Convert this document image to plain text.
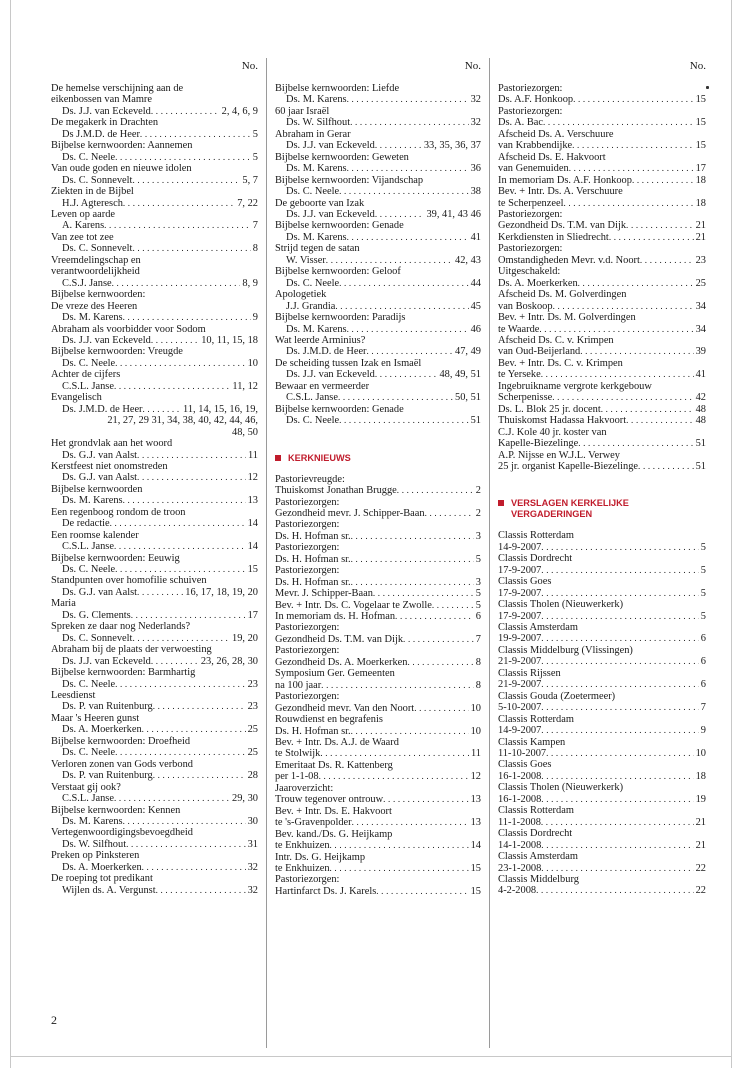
No.
De hemelse verschijning aan de
eikenbossen van Mamre
Ds. J.J. van Eckeveld . . .	2, 4, 6, 9
De megakerk in Drachten
Ds J.M.D. de Heer . . .	5
Bijbelse kernwoorden: Aannemen
Ds. C. Neele . . .	5
Van oude goden en nieuwe idolen
Ds. C. Sonnevelt . . .	5, 7
Ziekten in de Bijbel
H.J. Agteresch . . .	7, 22
Leven op aarde
A. Karens . . .	7
Van zee tot zee
Ds. C. Sonnevelt . . .	8
Vreemdelingschap en
verantwoordelijkheid
C.S.J. Janse . . .	8, 9
Bijbelse kernwoorden:
De vreze des Heeren
Ds. M. Karens . . .	9
Abraham als voorbidder voor Sodom
Ds. J.J. van Eckeveld . . .	10, 11, 15, 18
Bijbelse kernwoorden: Vreugde
Ds. C. Neele . . .	10
Achter de cijfers
C.S.L. Janse . . .	11, 12
Evangelisch
Ds. J.M.D. de Heer . . .	11, 14, 15, 16, 19,
21, 27, 29 31, 34, 38, 40, 42, 44, 46,
48, 50
Het grondvlak aan het woord
Ds. G.J. van Aalst . . .	11
Kerstfeest niet onomstreden
Ds. G.J. van Aalst . . .	12
Bijbelse kernwoorden
Ds. M. Karens . . .	13
Een regenboog rondom de troon
De redactie . . .	14
Een roomse kalender
C.S.L. Janse . . .	14
Bijbelse kernwoorden: Eeuwig
Ds. C. Neele . . .	15
Standpunten over homofilie schuiven
Ds. G.J. van Aalst . . .	16, 17, 18, 19, 20
Maria
Ds. G. Clements . . .	17
Spreken ze daar nog Nederlands?
Ds. C. Sonnevelt . . .	19, 20
Abraham bij de plaats der verwoesting
Ds. J.J. van Eckeveld . . .	23, 26, 28, 30
Bijbelse kernwoorden: Barmhartig
Ds. C. Neele . . .	23
Leesdienst
Ds. P. van Ruitenburg . . .	23
Maar 's Heeren gunst
Ds. A. Moerkerken . . .	25
Bijbelse kernwoorden: Droefheid
Ds. C. Neele . . .	25
Verloren zonen van Gods verbond
Ds. P. van Ruitenburg . . .	28
Verstaat gij ook?
C.S.L. Janse . . .	29, 30
Bijbelse kernwoorden: Kennen
Ds. M. Karens . . .	30
Vertegenwoordigingsbevoegdheid
Ds. W. Silfhout . . .	31
Preken op Pinksteren
Ds. A. Moerkerken . . .	32
De roeping tot predikant
Wijlen ds. A. Vergunst . . .	32
No.
Bijbelse kernwoorden: Liefde
Ds. M. Karens . . .	32
60 jaar Israël
Ds. W. Silfhout . . .	32
Abraham in Gerar
Ds. J.J. van Eckeveld . . .	33, 35, 36, 37
Bijbelse kernwoorden: Geweten
Ds. M. Karens . . .	36
Bijbelse kernwoorden: Vijandschap
Ds. C. Neele . . .	38
De geboorte van Izak
Ds. J.J. van Eckeveld . . .	39, 41, 43 46
Bijbelse kernwoorden: Genade
Ds. M. Karens . . .	41
Strijd tegen de satan
W. Visser . . .	42, 43
Bijbelse kernwoorden: Geloof
Ds. C. Neele . . .	44
Apologetiek
J.J. Grandia . . .	45
Bijbelse kernwoorden: Paradijs
Ds. M. Karens . . .	46
Wat leerde Arminius?
Ds. J.M.D. de Heer . . .	47, 49
De scheiding tussen Izak en Ismaël
Ds. J.J. van Eckeveld . . .	48, 49, 51
Bewaar en vermeerder
C.S.L. Janse . . .	50, 51
Bijbelse kernwoorden: Genade
Ds. C. Neele . . .	51
KERKNIEUWS
Pastorievreugde:
Thuiskomst Jonathan Brugge . . .	2
Pastoriezorgen:
Gezondheid mevr. J. Schipper-Baan . . .	2
Pastoriezorgen:
Ds. H. Hofman sr. . . .	3
Pastoriezorgen:
Ds. H. Hofman sr. . . .	5
Pastoriezorgen:
Ds. H. Hofman sr. . . .	3
Mevr. J. Schipper-Baan . . .	5
Bev. + Intr. Ds. C. Vogelaar te Zwolle . . .	5
In memoriam ds. H. Hofman . . .	6
Pastoriezorgen:
Gezondheid Ds. T.M. van Dijk . . .	7
Pastoriezorgen:
Gezondheid Ds. A. Moerkerken . . .	8
Symposium Ger. Gemeenten
na 100 jaar . . .	8
Pastoriezorgen:
Gezondheid mevr. Van den Noort . . .	10
Rouwdienst en begrafenis
Ds. H. Hofman sr. . . .	10
Bev. + Intr. Ds. A.J. de Waard
te Stolwijk . . .	11
Emeritaat Ds. R. Kattenberg
per 1-1-08 . . .	12
Jaaroverzicht:
Trouw tegenover ontrouw . . .	13
Bev. + Intr. Ds. E. Hakvoort
te 's-Gravenpolder . . .	13
Bev. kand./Ds. G. Heijkamp
te Enkhuizen . . .	14
Intr. Ds. G. Heijkamp
te Enkhuizen . . .	15
Pastoriezorgen:
Hartinfarct Ds. J. Karels . . .	15
No.
Pastoriezorgen:
Ds. A.F. Honkoop . . .	15
Pastoriezorgen:
Ds. A. Bac . . .	15
Afscheid Ds. A. Verschuure
van Krabbendijke . . .	15
Afscheid Ds. E. Hakvoort
van Genemuiden . . .	17
In memoriam Ds. A.F. Honkoop . . .	18
Bev. + Intr. Ds. A. Verschuure
te Scherpenzeel . . .	18
Pastoriezorgen:
Gezondheid Ds. T.M. van Dijk . . .	21
Kerkdiensten in Sliedrecht . . .	21
Pastoriezorgen:
Omstandigheden Mevr. v.d. Noort . . .	23
Uitgeschakeld:
Ds. A. Moerkerken . . .	25
Afscheid Ds. M. Golverdingen
van Boskoop . . .	34
Bev. + Intr. Ds. M. Golverdingen
te Waarde . . .	34
Afscheid Ds. C. v. Krimpen
van Oud-Beijerland . . .	39
Bev. + Intr. Ds. C. v. Krimpen
te Yerseke . . .	41
Ingebruikname vergrote kerkgebouw
Scherpenisse . . .	42
Ds. L. Blok 25 jr. docent . . .	48
Thuiskomst Hadassa Hakvoort . . .	48
C.J. Kole 40 jr. koster van
Kapelle-Biezelinge . . .	51
A.P. Nijsse en W.J.L. Verwey
25 jr. organist Kapelle-Biezelinge . . .	51
VERSLAGEN KERKELIJKE
VERGADERINGEN
Classis Rotterdam
14-9-2007 . . .	5
Classis Dordrecht
17-9-2007 . . .	5
Classis Goes
17-9-2007 . . .	5
Classis Tholen (Nieuwerkerk)
17-9-2007 . . .	5
Classis Amsterdam
19-9-2007 . . .	6
Classis Middelburg (Vlissingen)
21-9-2007 . . .	6
Classis Rijssen
21-9-2007 . . .	6
Classis Gouda (Zoetermeer)
5-10-2007 . . .	7
Classis Rotterdam
14-9-2007 . . .	9
Classis Kampen
11-10-2007 . . .	10
Classis Goes
16-1-2008 . . .	18
Classis Tholen (Nieuwerkerk)
16-1-2008 . . .	19
Classis Rotterdam
11-1-2008 . . .	21
Classis Dordrecht
14-1-2008 . . .	21
Classis Amsterdam
23-1-2008 . . .	22
Classis Middelburg
4-2-2008 . . .	22
2
